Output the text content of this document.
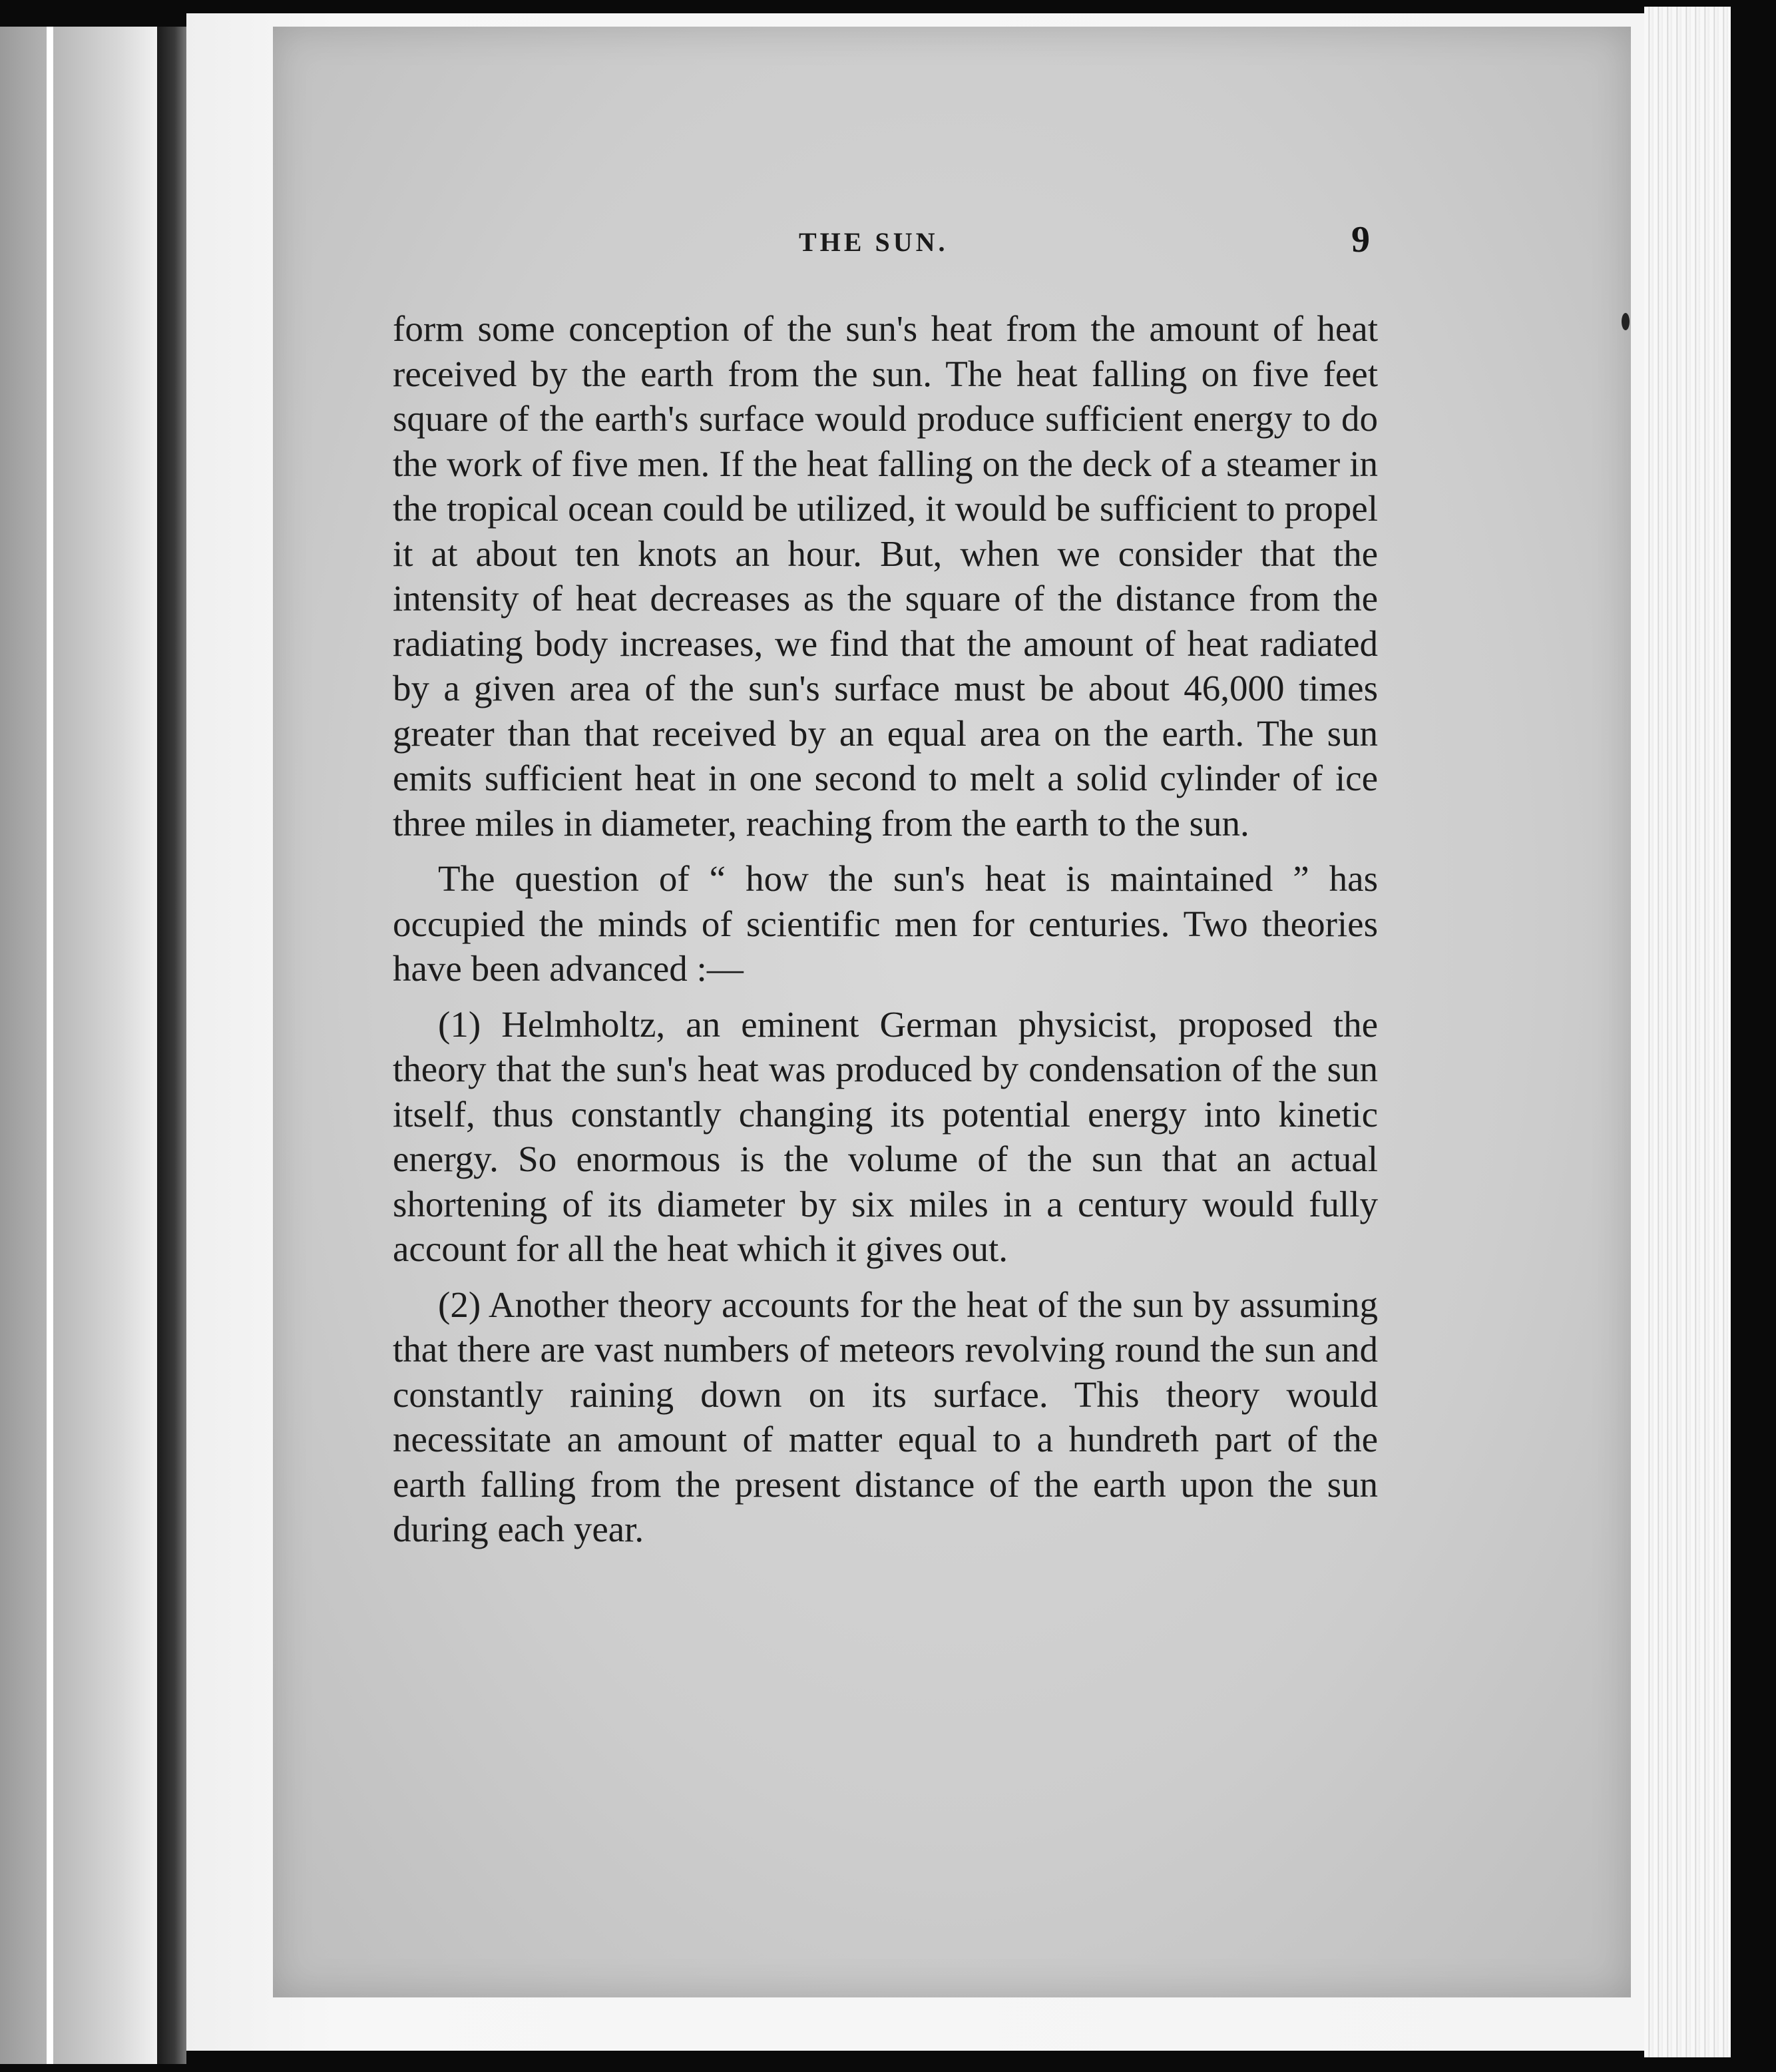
THE SUN.	9

form some conception of the sun's heat from the amount of heat received by the earth from the sun. The heat falling on five feet square of the earth's surface would produce sufficient energy to do the work of five men. If the heat falling on the deck of a steamer in the tropical ocean could be utilized, it would be sufficient to propel it at about ten knots an hour. But, when we consider that the intensity of heat decreases as the square of the distance from the radiating body increases, we find that the amount of heat radiated by a given area of the sun's surface must be about 46,000 times greater than that received by an equal area on the earth. The sun emits sufficient heat in one second to melt a solid cylinder of ice three miles in diameter, reaching from the earth to the sun.

The question of “ how the sun's heat is maintained ” has occupied the minds of scientific men for centuries. Two theories have been advanced :—

(1) Helmholtz, an eminent German physicist, proposed the theory that the sun's heat was produced by condensation of the sun itself, thus constantly changing its potential energy into kinetic energy. So enormous is the volume of the sun that an actual shortening of its diameter by six miles in a century would fully account for all the heat which it gives out.

(2) Another theory accounts for the heat of the sun by assuming that there are vast numbers of meteors revolving round the sun and constantly raining down on its surface. This theory would necessitate an amount of matter equal to a hundreth part of the earth falling from the present distance of the earth upon the sun during each year.
